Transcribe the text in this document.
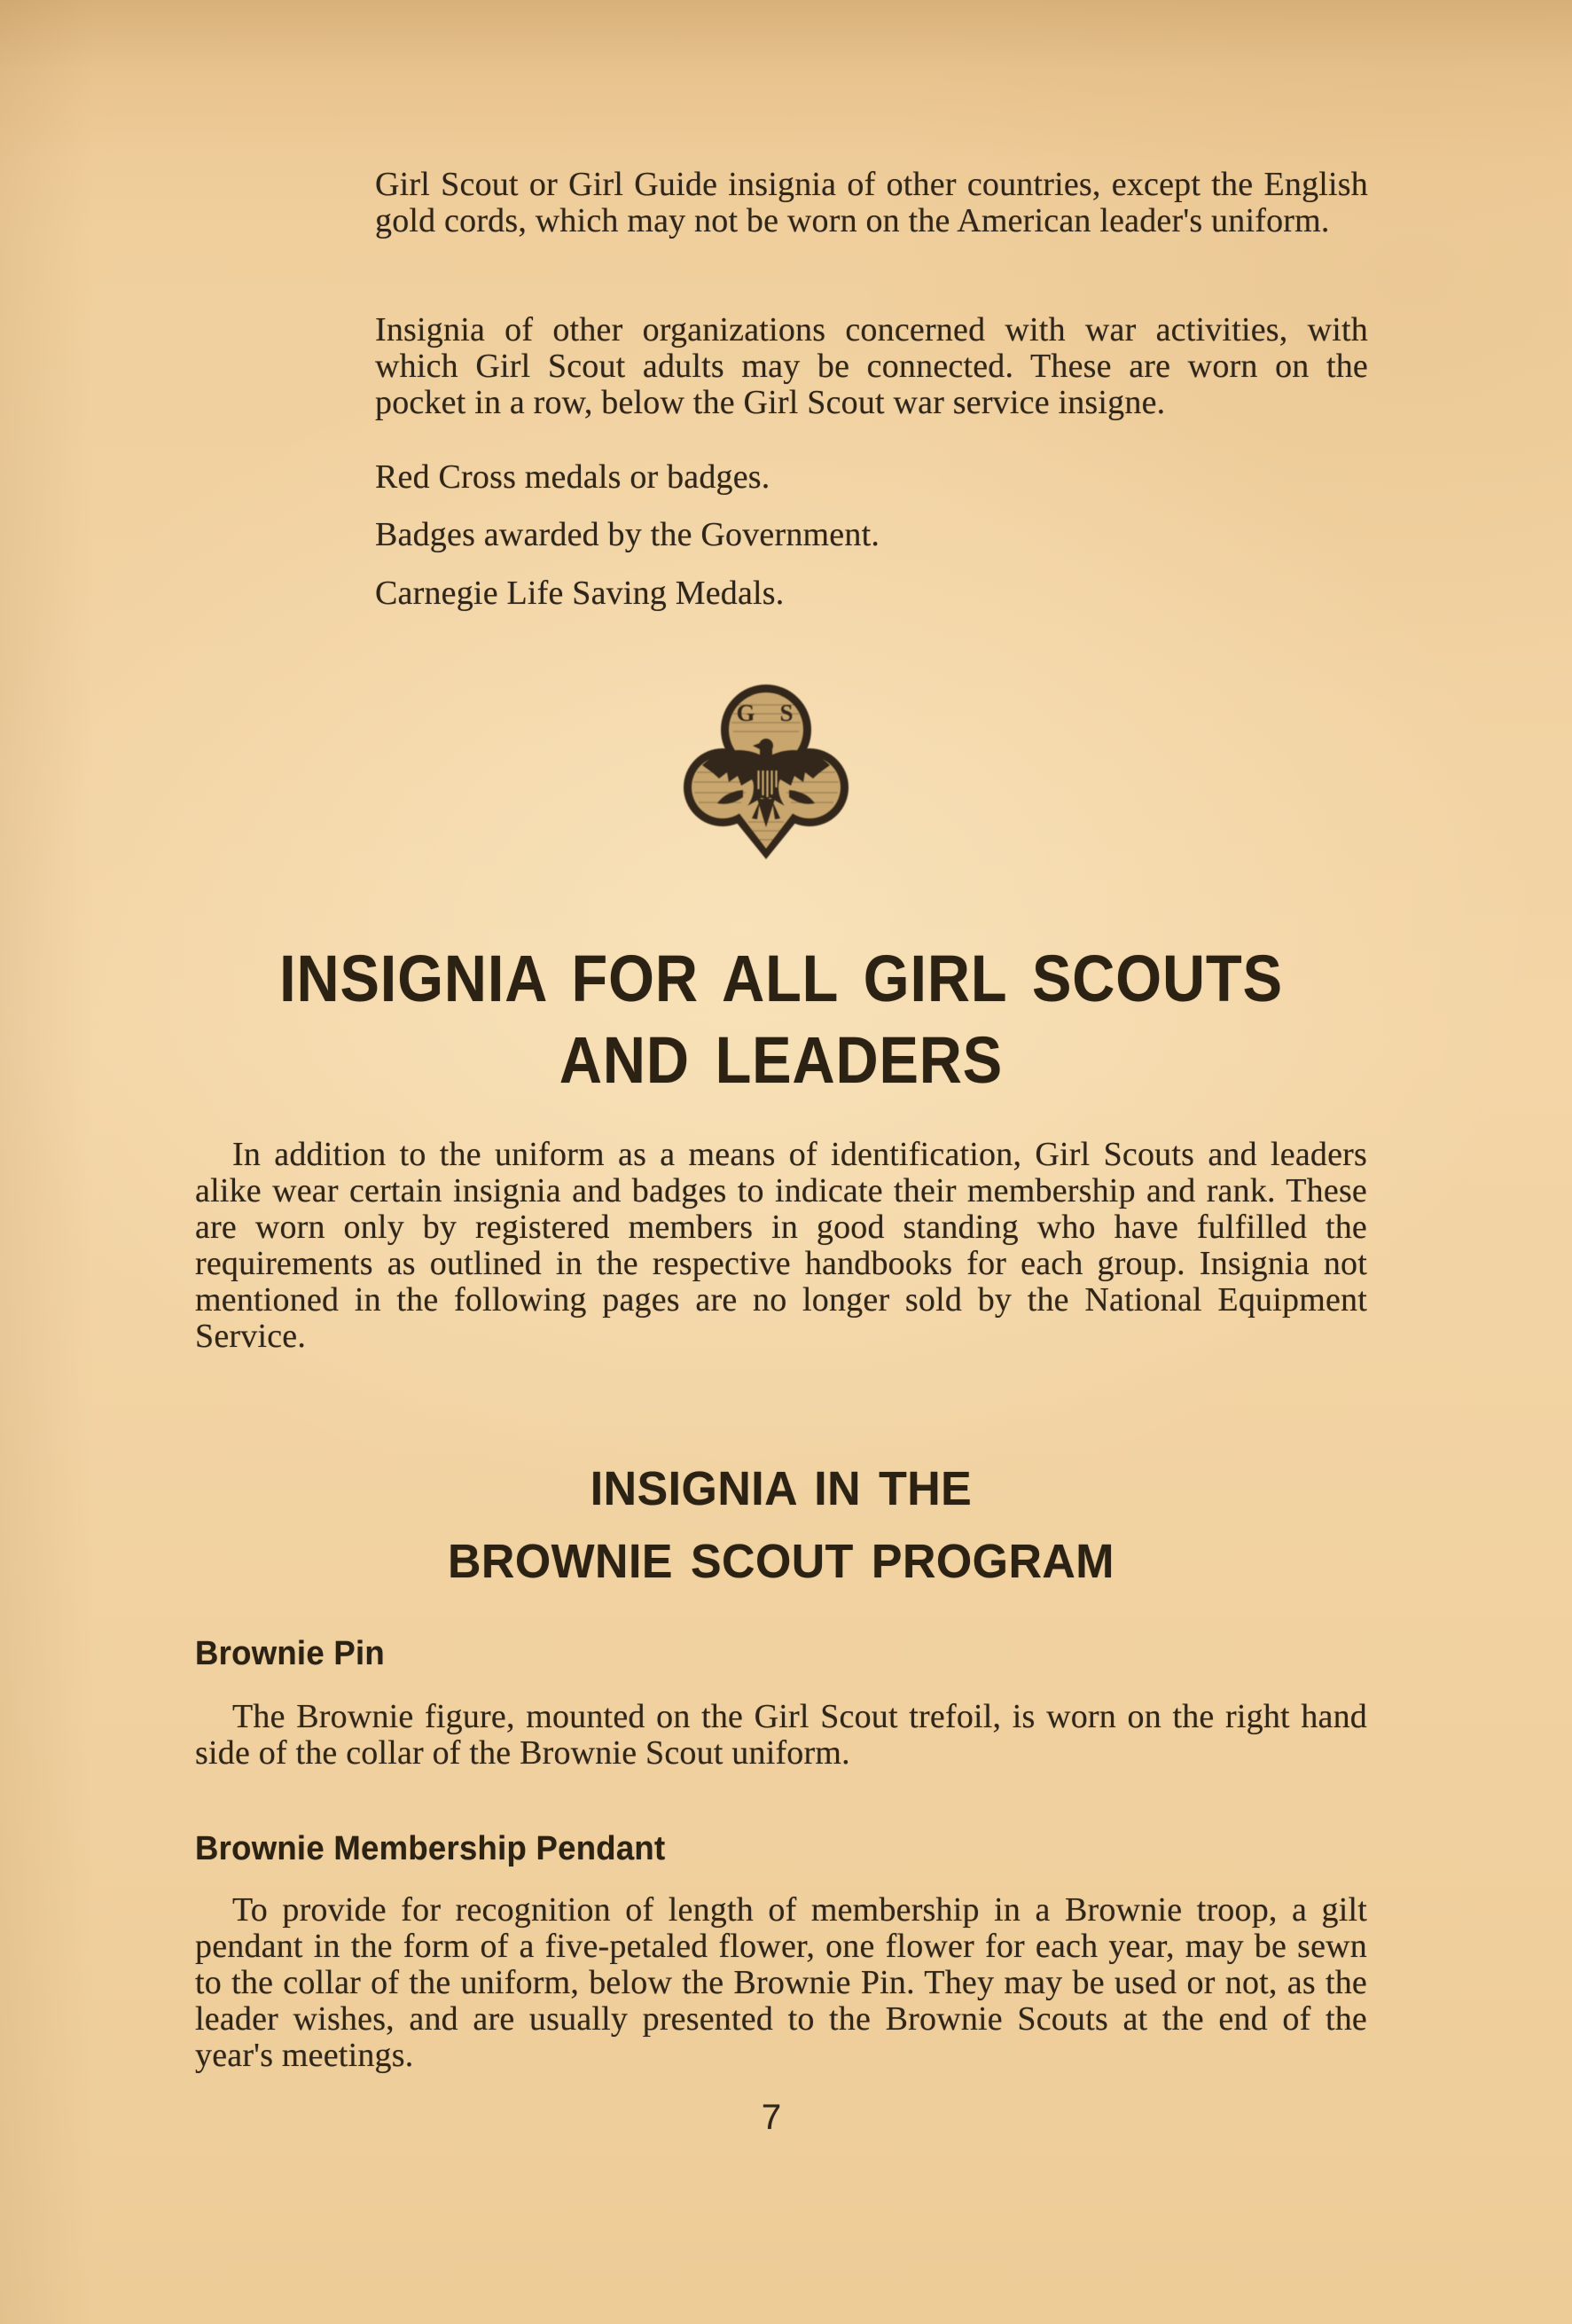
Girl Scout or Girl Guide insignia of other countries, except the English gold cords, which may not be worn on the American leader's uniform.

Insignia of other organizations concerned with war activities, with which Girl Scout adults may be connected. These are worn on the pocket in a row, below the Girl Scout war service insigne.

Red Cross medals or badges.

Badges awarded by the Government.

Carnegie Life Saving Medals.

G S
INSIGNIA FOR ALL GIRL SCOUTS
AND LEADERS

In addition to the uniform as a means of identification, Girl Scouts and leaders alike wear certain insignia and badges to indicate their membership and rank. These are worn only by registered members in good standing who have fulfilled the requirements as outlined in the respective handbooks for each group. Insignia not mentioned in the following pages are no longer sold by the National Equipment Service.

INSIGNIA IN THE
BROWNIE SCOUT PROGRAM
Brownie Pin

The Brownie figure, mounted on the Girl Scout trefoil, is worn on the right hand side of the collar of the Brownie Scout uniform.

Brownie Membership Pendant

To provide for recognition of length of membership in a Brownie troop, a gilt pendant in the form of a five-petaled flower, one flower for each year, may be sewn to the collar of the uniform, below the Brownie Pin. They may be used or not, as the leader wishes, and are usually presented to the Brownie Scouts at the end of the year's meetings.

7
